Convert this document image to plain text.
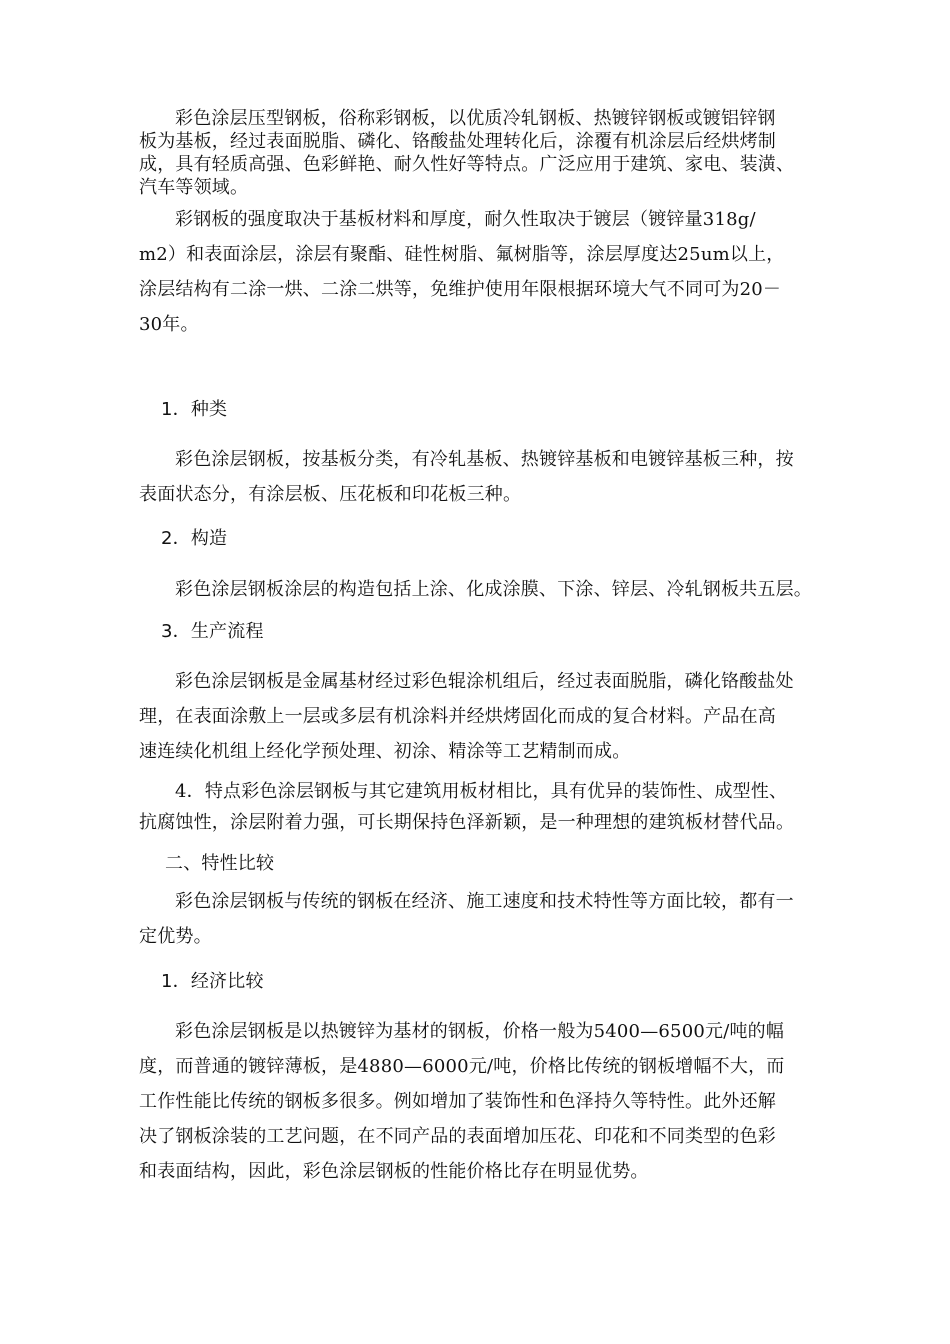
彩色涂层压型钢板，俗称彩钢板，以优质冷轧钢板、热镀锌钢板或镀铝锌钢
板为基板，经过表面脱脂、磷化、铬酸盐处理转化后，涂覆有机涂层后经烘烤制
成，具有轻质高强、色彩鲜艳、耐久性好等特点。广泛应用于建筑、家电、装潢、
汽车等领域。

彩钢板的强度取决于基板材料和厚度，耐久性取决于镀层（镀锌量318g/
m2）和表面涂层，涂层有聚酯、硅性树脂、氟树脂等，涂层厚度达25um以上，
涂层结构有二涂一烘、二涂二烘等，免维护使用年限根据环境大气不同可为20－
30年。

1．种类

彩色涂层钢板，按基板分类，有冷轧基板、热镀锌基板和电镀锌基板三种，按
表面状态分，有涂层板、压花板和印花板三种。

2．构造

彩色涂层钢板涂层的构造包括上涂、化成涂膜、下涂、锌层、冷轧钢板共五层。

3．生产流程

彩色涂层钢板是金属基材经过彩色辊涂机组后，经过表面脱脂，磷化铬酸盐处
理，在表面涂敷上一层或多层有机涂料并经烘烤固化而成的复合材料。产品在高
速连续化机组上经化学预处理、初涂、精涂等工艺精制而成。

4．特点彩色涂层钢板与其它建筑用板材相比，具有优异的装饰性、成型性、
抗腐蚀性，涂层附着力强，可长期保持色泽新颖，是一种理想的建筑板材替代品。

二、特性比较

彩色涂层钢板与传统的钢板在经济、施工速度和技术特性等方面比较，都有一
定优势。

1．经济比较

彩色涂层钢板是以热镀锌为基材的钢板，价格一般为5400—6500元/吨的幅
度，而普通的镀锌薄板，是4880—6000元/吨，价格比传统的钢板增幅不大，而
工作性能比传统的钢板多很多。例如增加了装饰性和色泽持久等特性。此外还解
决了钢板涂装的工艺问题，在不同产品的表面增加压花、印花和不同类型的色彩
和表面结构，因此，彩色涂层钢板的性能价格比存在明显优势。
